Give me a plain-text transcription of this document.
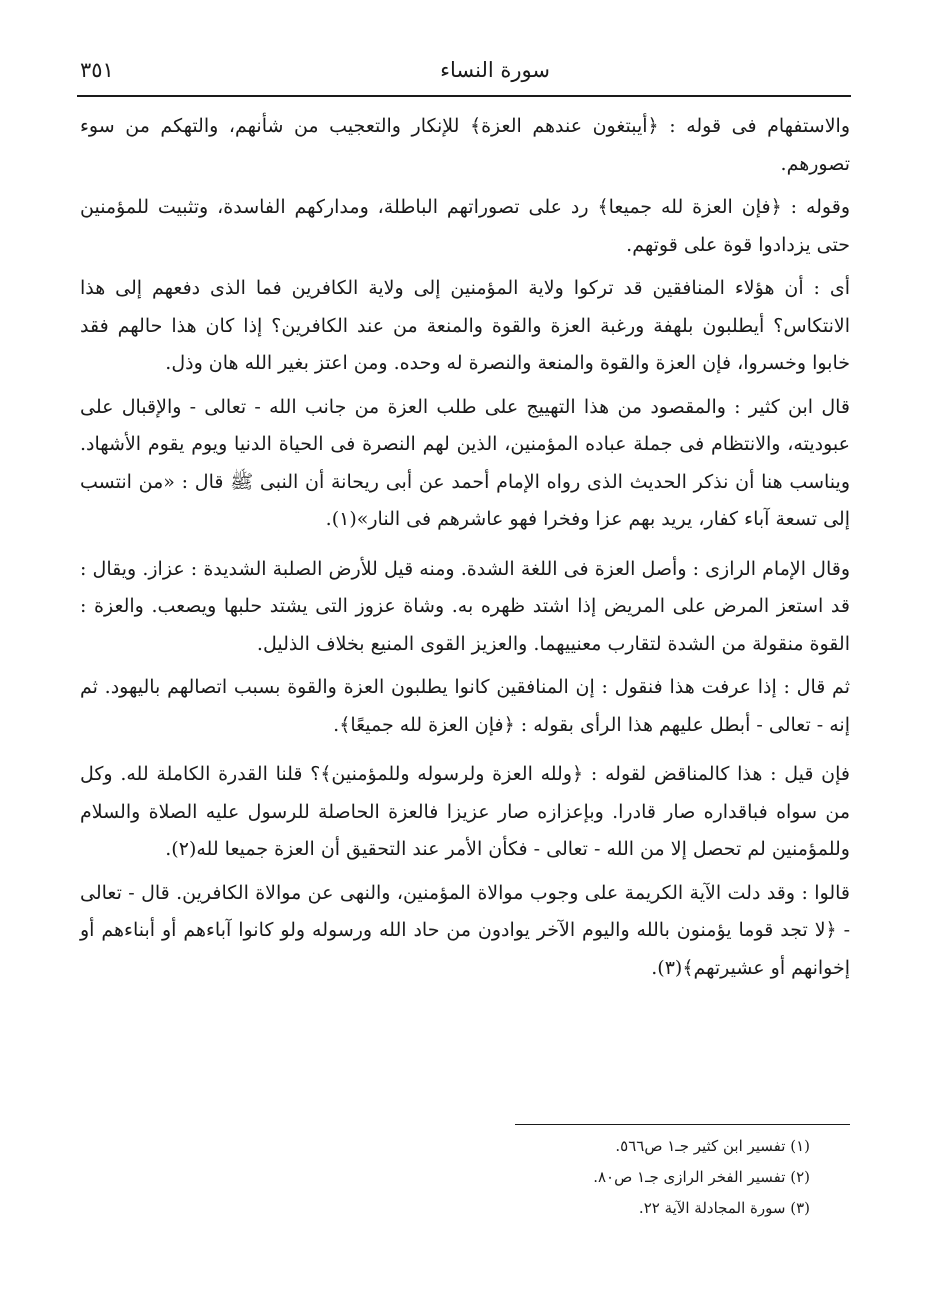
سورة النساء
٣٥١

والاستفهام فى قوله : ﴿أيبتغون عندهم العزة﴾ للإنكار والتعجيب من شأنهم، والتهكم من سوء تصورهم.

وقوله : ﴿فإن العزة لله جميعا﴾ رد على تصوراتهم الباطلة، ومداركهم الفاسدة، وتثبيت للمؤمنين حتى يزدادوا قوة على قوتهم.

أى : أن هؤلاء المنافقين قد تركوا ولاية المؤمنين إلى ولاية الكافرين فما الذى دفعهم إلى هذا الانتكاس؟ أيطلبون بلهفة ورغبة العزة والقوة والمنعة من عند الكافرين؟ إذا كان هذا حالهم فقد خابوا وخسروا، فإن العزة والقوة والمنعة والنصرة له وحده. ومن اعتز بغير الله هان وذل.

قال ابن كثير : والمقصود من هذا التهييج على طلب العزة من جانب الله - تعالى - والإقبال على عبوديته، والانتظام فى جملة عباده المؤمنين، الذين لهم النصرة فى الحياة الدنيا ويوم يقوم الأشهاد. ويناسب هنا أن نذكر الحديث الذى رواه الإمام أحمد عن أبى ريحانة أن النبى ﷺ قال : «من انتسب إلى تسعة آباء كفار، يريد بهم عزا وفخرا فهو عاشرهم فى النار»(١).

وقال الإمام الرازى : وأصل العزة فى اللغة الشدة. ومنه قيل للأرض الصلبة الشديدة : عزاز. ويقال : قد استعز المرض على المريض إذا اشتد ظهره به. وشاة عزوز التى يشتد حلبها ويصعب. والعزة : القوة منقولة من الشدة لتقارب معنييهما. والعزيز القوى المنيع بخلاف الذليل.

ثم قال : إذا عرفت هذا فنقول : إن المنافقين كانوا يطلبون العزة والقوة بسبب اتصالهم باليهود. ثم إنه - تعالى - أبطل عليهم هذا الرأى بقوله : ﴿فإن العزة لله جميعًا﴾.

فإن قيل : هذا كالمناقض لقوله : ﴿ولله العزة ولرسوله وللمؤمنين﴾؟ قلنا القدرة الكاملة لله. وكل من سواه فباقداره صار قادرا. وبإعزازه صار عزيزا فالعزة الحاصلة للرسول عليه الصلاة والسلام وللمؤمنين لم تحصل إلا من الله - تعالى - فكأن الأمر عند التحقيق أن العزة جميعا لله(٢).

قالوا : وقد دلت الآية الكريمة على وجوب موالاة المؤمنين، والنهى عن موالاة الكافرين. قال - تعالى - ﴿لا تجد قوما يؤمنون بالله واليوم الآخر يوادون من حاد الله ورسوله ولو كانوا آباءهم أو أبناءهم أو إخوانهم أو عشيرتهم﴾(٣).

(١) تفسير ابن كثير جـ١ ص٥٦٦.

(٢) تفسير الفخر الرازى جـ١ ص٨٠.

(٣) سورة المجادلة الآية ٢٢.
